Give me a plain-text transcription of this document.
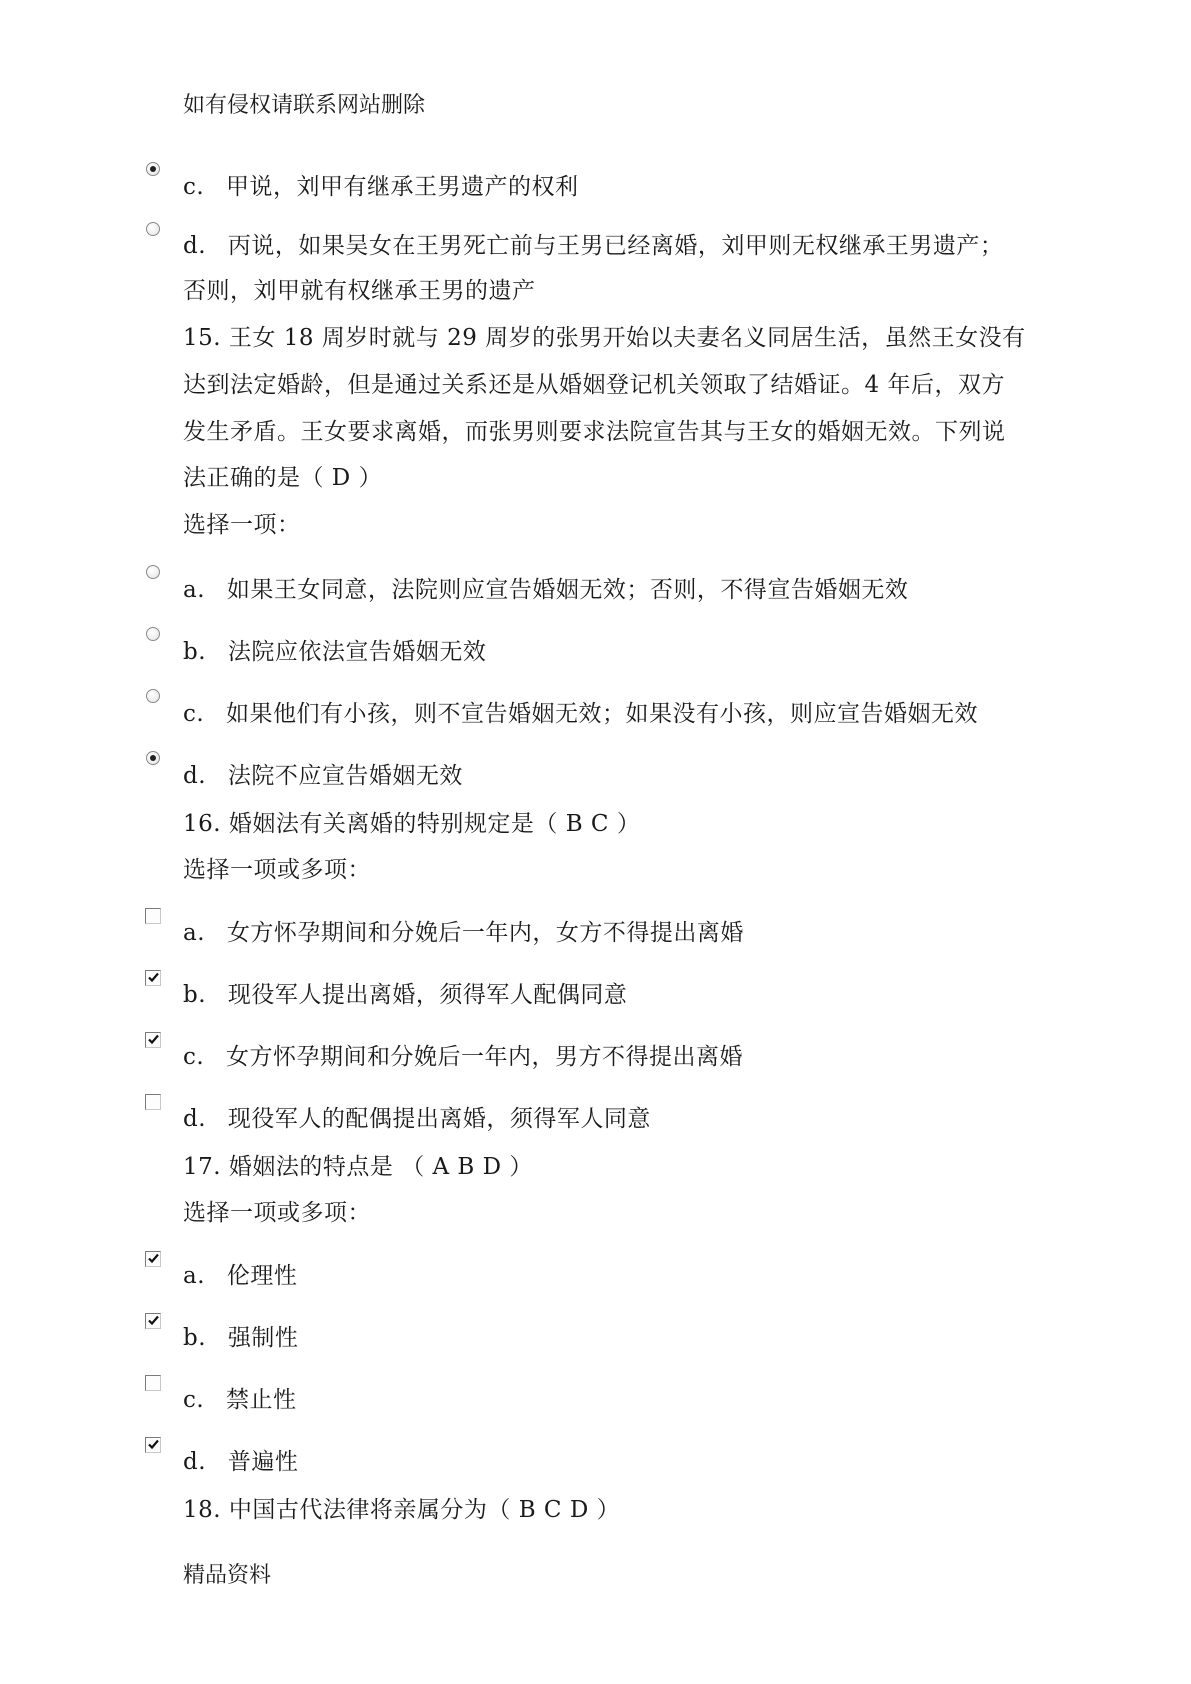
如有侵权请联系网站删除
c. 甲说，刘甲有继承王男遗产的权利
d. 丙说，如果吴女在王男死亡前与王男已经离婚，刘甲则无权继承王男遗产；
否则，刘甲就有权继承王男的遗产
15. 王女 18 周岁时就与 29 周岁的张男开始以夫妻名义同居生活，虽然王女没有
达到法定婚龄，但是通过关系还是从婚姻登记机关领取了结婚证。4 年后，双方
发生矛盾。王女要求离婚，而张男则要求法院宣告其与王女的婚姻无效。下列说
法正确的是（ D ）
选择一项：
a. 如果王女同意，法院则应宣告婚姻无效；否则，不得宣告婚姻无效
b. 法院应依法宣告婚姻无效
c. 如果他们有小孩，则不宣告婚姻无效；如果没有小孩，则应宣告婚姻无效
d. 法院不应宣告婚姻无效
16. 婚姻法有关离婚的特别规定是（ B C ）
选择一项或多项：
a. 女方怀孕期间和分娩后一年内，女方不得提出离婚
b. 现役军人提出离婚，须得军人配偶同意
c. 女方怀孕期间和分娩后一年内，男方不得提出离婚
d. 现役军人的配偶提出离婚，须得军人同意
17. 婚姻法的特点是 （ A B D ）
选择一项或多项：
a. 伦理性
b. 强制性
c. 禁止性
d. 普遍性
18. 中国古代法律将亲属分为（ B C D ）
精品资料
